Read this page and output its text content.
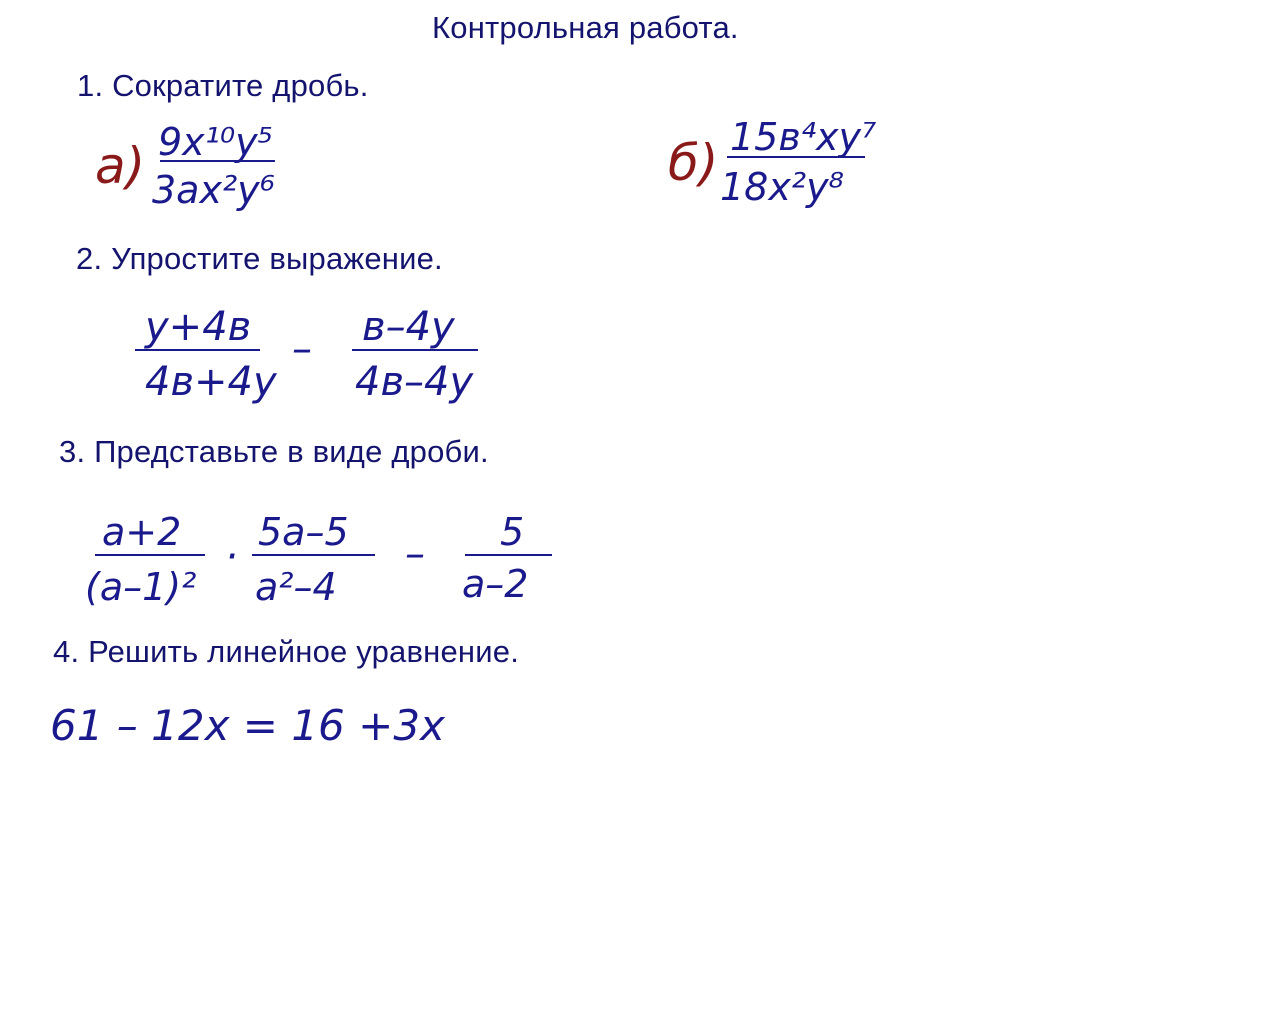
Контрольная работа.
1. Сократите дробь.
а) 9x¹⁰y⁵
3ax²y⁶	б) 15в⁴xy⁷
18x²y⁸
2. Упростите выражение.
y+4в
4в+4y
– в–4y
4в–4y
3. Представьте в виде дроби.
a+2
(a–1)²
·
5a–5
a²–4
– 5
a–2
4. Решить линейное уравнение.
61 – 12x = 16 +3x
